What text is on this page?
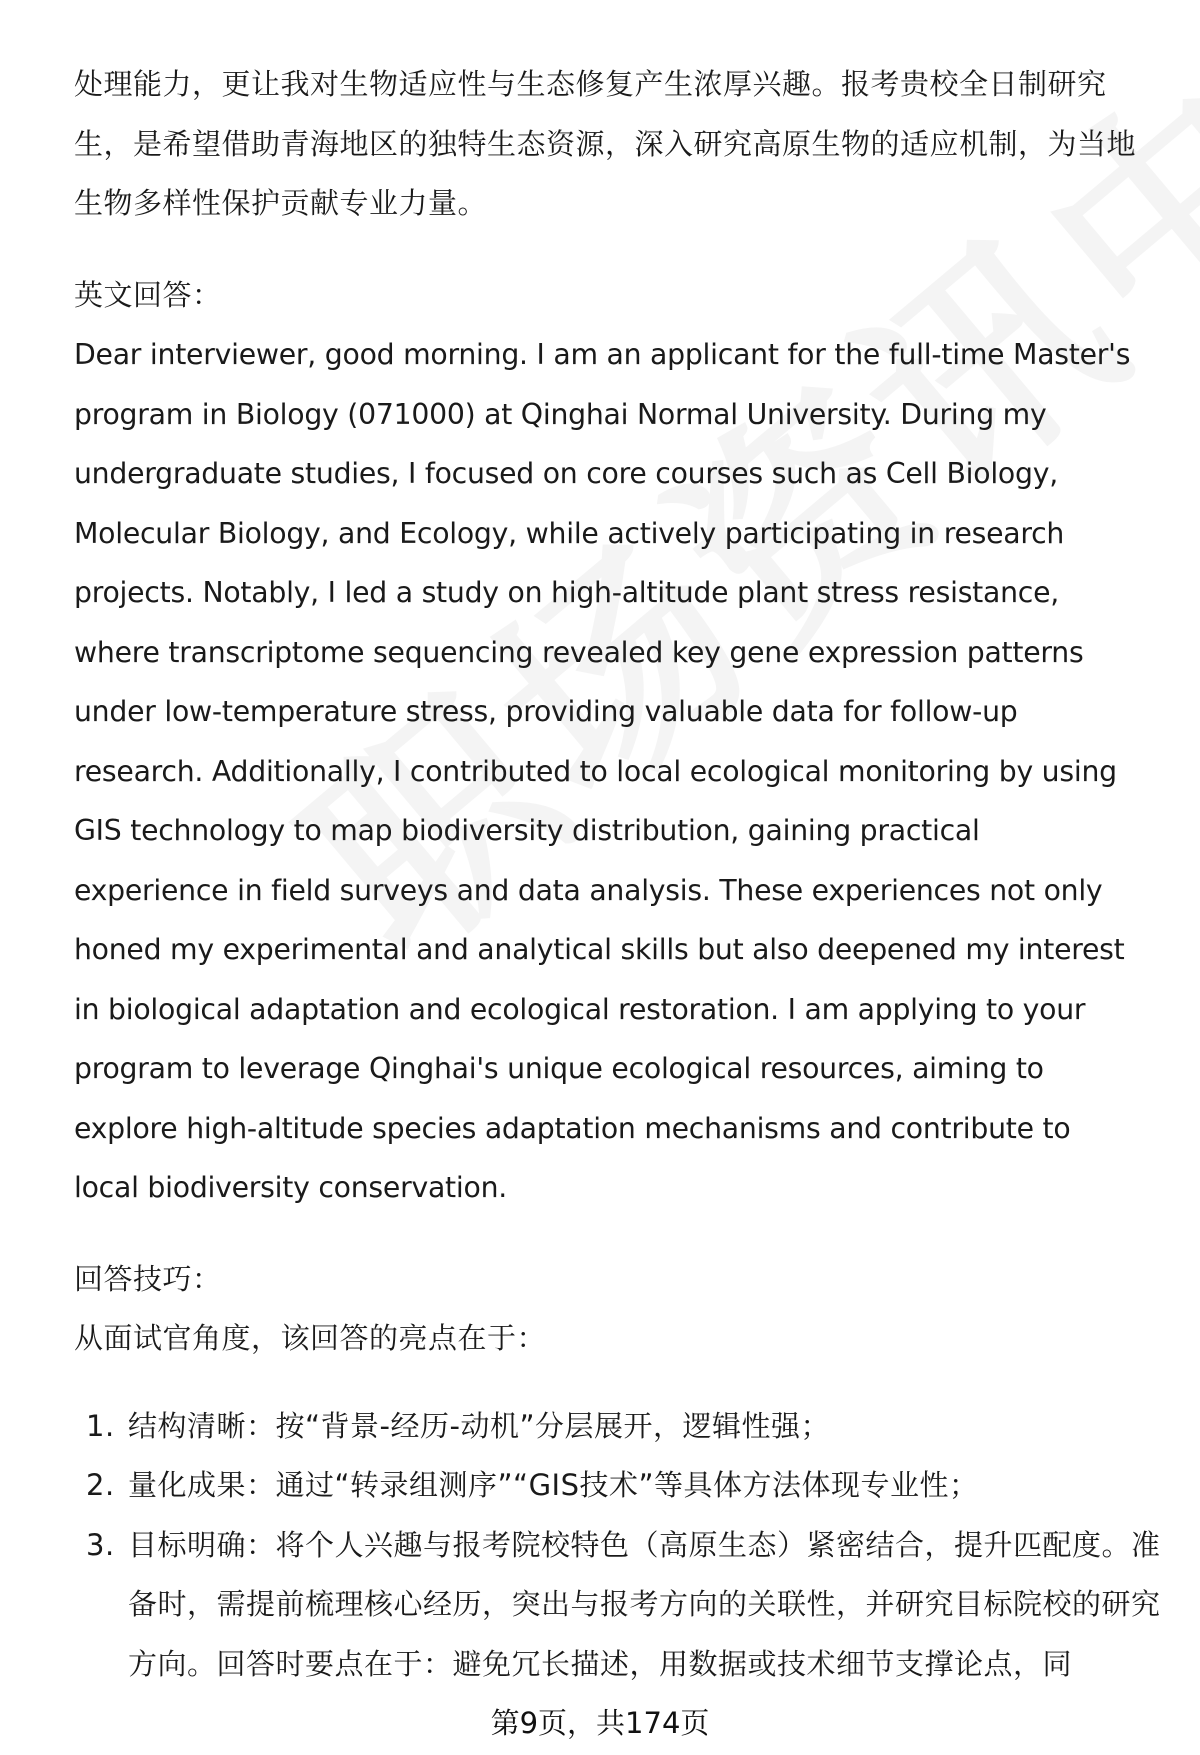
处理能力，更让我对生物适应性与生态修复产生浓厚兴趣。报考贵校全日制研究生，是希望借助青海地区的独特生态资源，深入研究高原生物的适应机制，为当地生物多样性保护贡献专业力量。

英文回答：

Dear interviewer, good morning. I am an applicant for the full-time Master's
program in Biology (071000) at Qinghai Normal University. During my
undergraduate studies, I focused on core courses such as Cell Biology,
Molecular Biology, and Ecology, while actively participating in research
projects. Notably, I led a study on high-altitude plant stress resistance,
where transcriptome sequencing revealed key gene expression patterns
under low-temperature stress, providing valuable data for follow-up
research. Additionally, I contributed to local ecological monitoring by using
GIS technology to map biodiversity distribution, gaining practical
experience in field surveys and data analysis. These experiences not only
honed my experimental and analytical skills but also deepened my interest
in biological adaptation and ecological restoration. I am applying to your
program to leverage Qinghai's unique ecological resources, aiming to
explore high-altitude species adaptation mechanisms and contribute to
local biodiversity conservation.

回答技巧：

从面试官角度，该回答的亮点在于：

1. 结构清晰：按“背景-经历-动机”分层展开，逻辑性强；
2. 量化成果：通过“转录组测序”“GIS技术”等具体方法体现专业性；
3. 目标明确：将个人兴趣与报考院校特色（高原生态）紧密结合，提升匹配度。准备时，需提前梳理核心经历，突出与报考方向的关联性，并研究目标院校的研究方向。回答时要点在于：避免冗长描述，用数据或技术细节支撑论点，同
第9页，共174页
